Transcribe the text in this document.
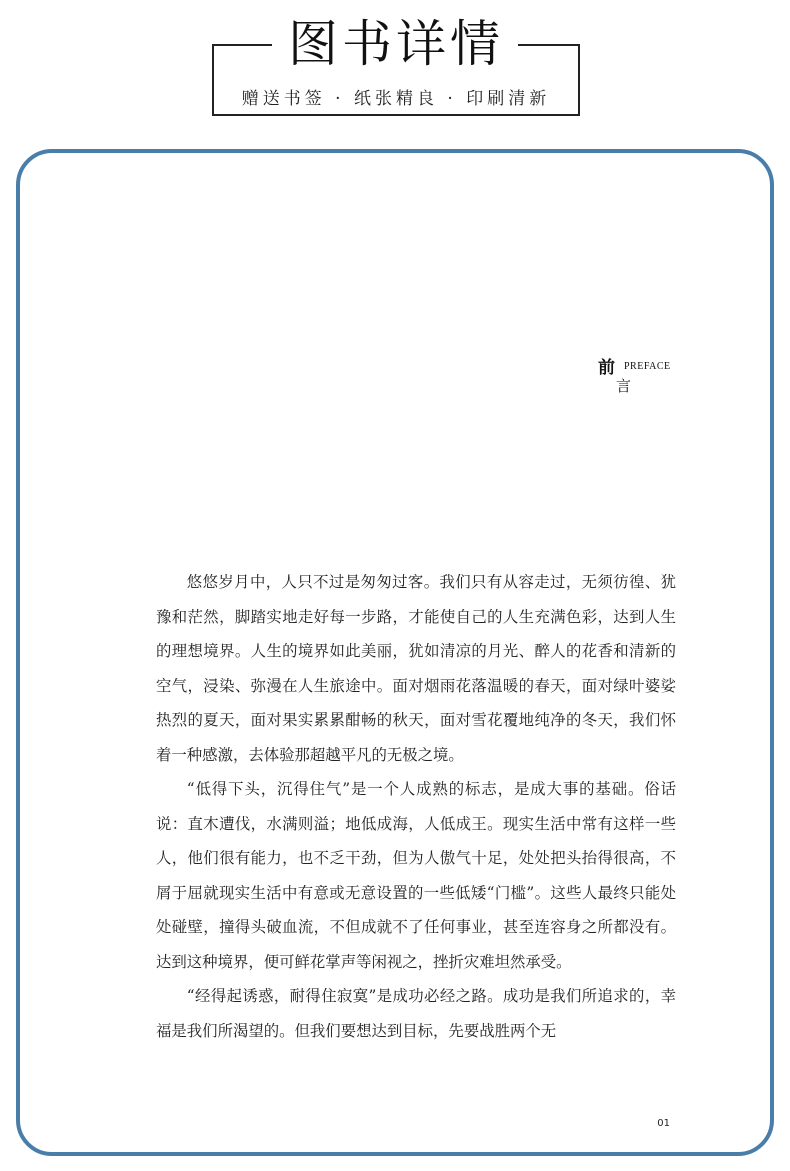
图书详情
赠送书签 · 纸张精良 · 印刷清新
前 PREFACE
言

悠悠岁月中，人只不过是匆匆过客。我们只有从容走过，无须彷徨、犹豫和茫然，脚踏实地走好每一步路，才能使自己的人生充满色彩，达到人生的理想境界。人生的境界如此美丽，犹如清凉的月光、醉人的花香和清新的空气，浸染、弥漫在人生旅途中。面对烟雨花落温暖的春天，面对绿叶婆娑热烈的夏天，面对果实累累酣畅的秋天，面对雪花覆地纯净的冬天，我们怀着一种感激，去体验那超越平凡的无极之境。

“低得下头，沉得住气”是一个人成熟的标志，是成大事的基础。俗话说：直木遭伐，水满则溢；地低成海，人低成王。现实生活中常有这样一些人，他们很有能力，也不乏干劲，但为人傲气十足，处处把头抬得很高，不屑于屈就现实生活中有意或无意设置的一些低矮“门槛”。这些人最终只能处处碰壁，撞得头破血流，不但成就不了任何事业，甚至连容身之所都没有。达到这种境界，便可鲜花掌声等闲视之，挫折灾难坦然承受。

“经得起诱惑，耐得住寂寞”是成功必经之路。成功是我们所追求的，幸福是我们所渴望的。但我们要想达到目标，先要战胜两个无

01
